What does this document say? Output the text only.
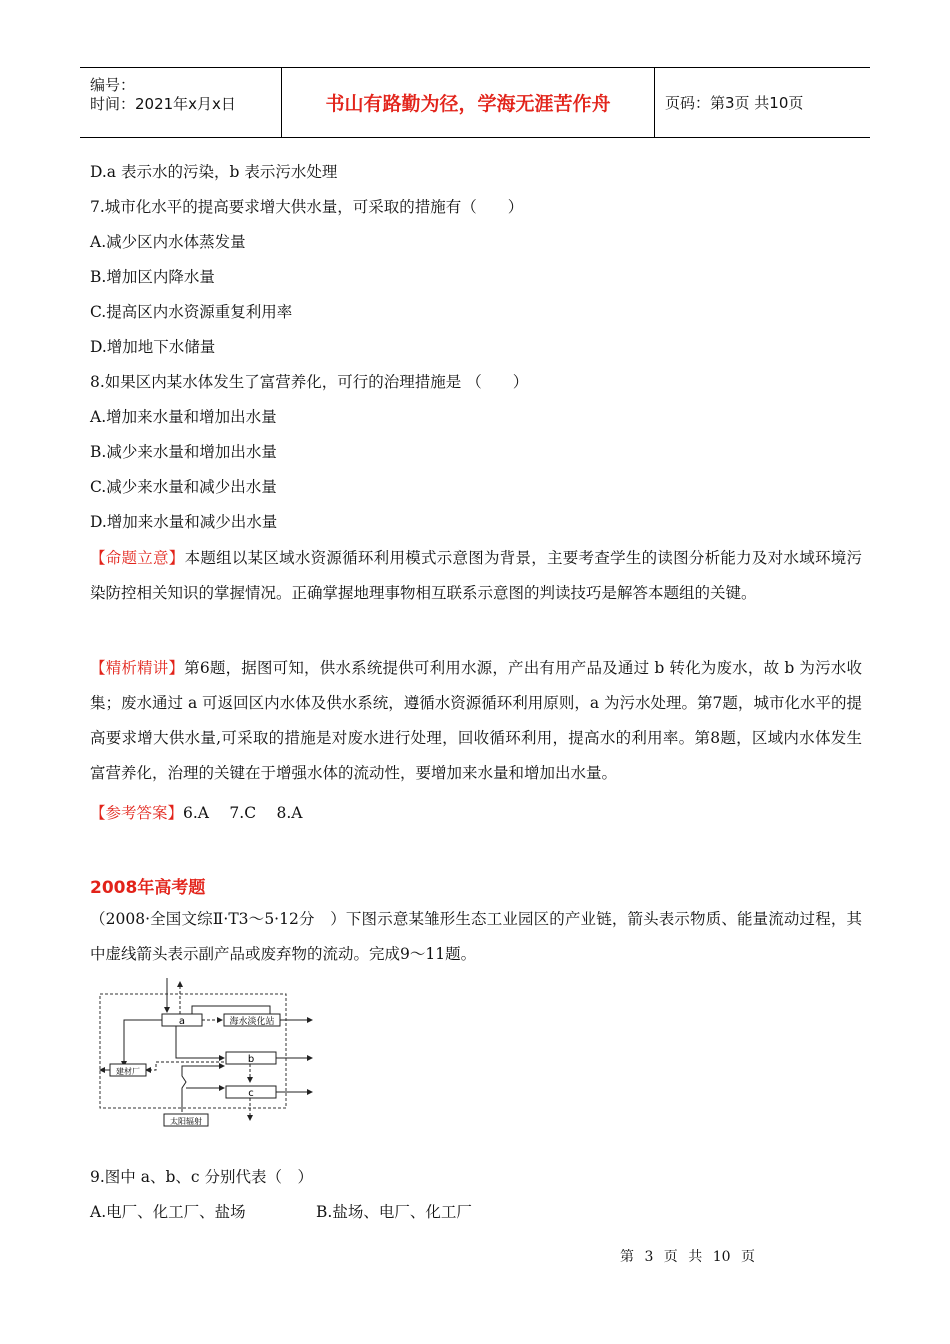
编号：
时间：2021年x月x日	书山有路勤为径，学海无涯苦作舟	页码：第3页 共10页
D.a 表示水的污染，b 表示污水处理
7.城市化水平的提高要求增大供水量，可采取的措施有（　　）
A.减少区内水体蒸发量
B.增加区内降水量
C.提高区内水资源重复利用率
D.增加地下水储量
8.如果区内某水体发生了富营养化，可行的治理措施是 （　　）
A.增加来水量和增加出水量
B.减少来水量和增加出水量
C.减少来水量和减少出水量
D.增加来水量和减少出水量
【命题立意】本题组以某区域水资源循环利用模式示意图为背景，主要考查学生的读图分析能力及对水域环境污染防控相关知识的掌握情况。正确掌握地理事物相互联系示意图的判读技巧是解答本题组的关键。
【精析精讲】第6题，据图可知，供水系统提供可利用水源，产出有用产品及通过 b 转化为废水，故 b 为污水收集；废水通过 a 可返回区内水体及供水系统，遵循水资源循环利用原则，a 为污水处理。第7题，城市化水平的提高要求增大供水量,可采取的措施是对废水进行处理，回收循环利用，提高水的利用率。第8题，区域内水体发生富营养化，治理的关键在于增强水体的流动性，要增加来水量和增加出水量。
【参考答案】6.A　 7.C　 8.A
2008年高考题
（2008·全国文综Ⅱ·T3～5·12分　）下图示意某雏形生态工业园区的产业链，箭头表示物质、能量流动过程，其中虚线箭头表示副产品或废弃物的流动。完成9～11题。
a	海水淡化站
b
c
建材厂
太阳辐射
9.图中 a、b、c 分别代表（　）
A.电厂、化工厂、盐场	B.盐场、电厂、化工厂
第 3 页 共 10 页
